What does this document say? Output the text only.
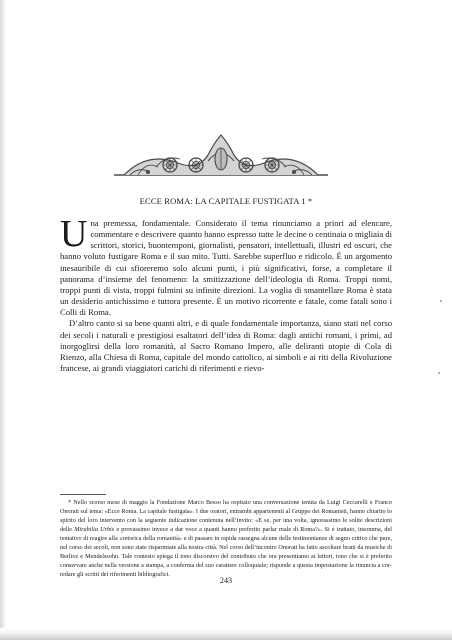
ECCE ROMA: LA CAPITALE FUSTIGATA 1 *

Una premessa, fondamentale. Considerato il tema rinunciamo a priori ad elencare, commentare e descrivere quanto hanno espresso tutte le decine o centinaia o migliaia di scrittori, storici, buontemponi, giornalisti, pensatori, intellettuali, illustri ed oscuri, che hanno voluto fustigare Roma e il suo mito. Tutti. Sarebbe superfluo e ridicolo. È un argomento inesauribile di cui sfioreremo solo alcuni punti, i più significativi, forse, a completare il panorama d’insieme del fenomeno: la smitizzazione dell’ideologia di Roma. Troppi nomi, troppi punti di vista, troppi fulmini su infinite direzioni. La voglia di smantellare Roma è stata un desiderio antichissimo e tuttora presente. È un motivo ricorrente e fatale, come fatali sono i Colli di Roma.

D’altro canto si sa bene quanti altri, e di quale fondamentale importanza, siano stati nel corso dei secoli i naturali e prestigiosi esaltatori dell’idea di Roma: dagli antichi romani, i primi, ad inorgoglirsi della loro romanità, al Sacro Romano Impero, alle deliranti utopie di Cola di Rienzo, alla Chiesa di Roma, capitale del mondo cattolico, ai simboli e ai riti della Rivoluzione francese, ai grandi viaggiatori carichi di riferimenti e rievo-

* Nello scorso mese di maggio la Fondazione Marco Besso ha ospitato una conversazione tenuta da Luigi Ceccarelli e Franco Onorati sul tema: «Ecce Roma. La capitale fustigata». I due oratori, entrambi appartenenti al Gruppo dei Romanisti, hanno chiarito lo spirito del loro intervento con la seguente indicazione contenuta nell’invito: «E se, per una volta, ignorassimo le solite descrizioni delle Mirabilia Urbis e provassimo invece a dar voce a quanti hanno preferito parlar male di Roma?». Si è trattato, insomma, del tentativo di reagire alla «retorica della romanità» e di passare in rapida rassegna alcune delle testimonianze di segno critico che pure, nel corso dei secoli, non sono state risparmiate alla nostra città. Nel corso dell’incontro Onorati ha fatto ascoltare brani da musiche di Berlioz e Mendelssohn. Tale contesto spiega il tono discorsivo del contributo che ora presentiamo ai lettori, tono che si è preferito conservare anche nella versione a stampa, a conferma del suo carattere colloquiale; risponde a questa impostazione la rinuncia a corredare gli scritti dei riferimenti bibliografici.

243
